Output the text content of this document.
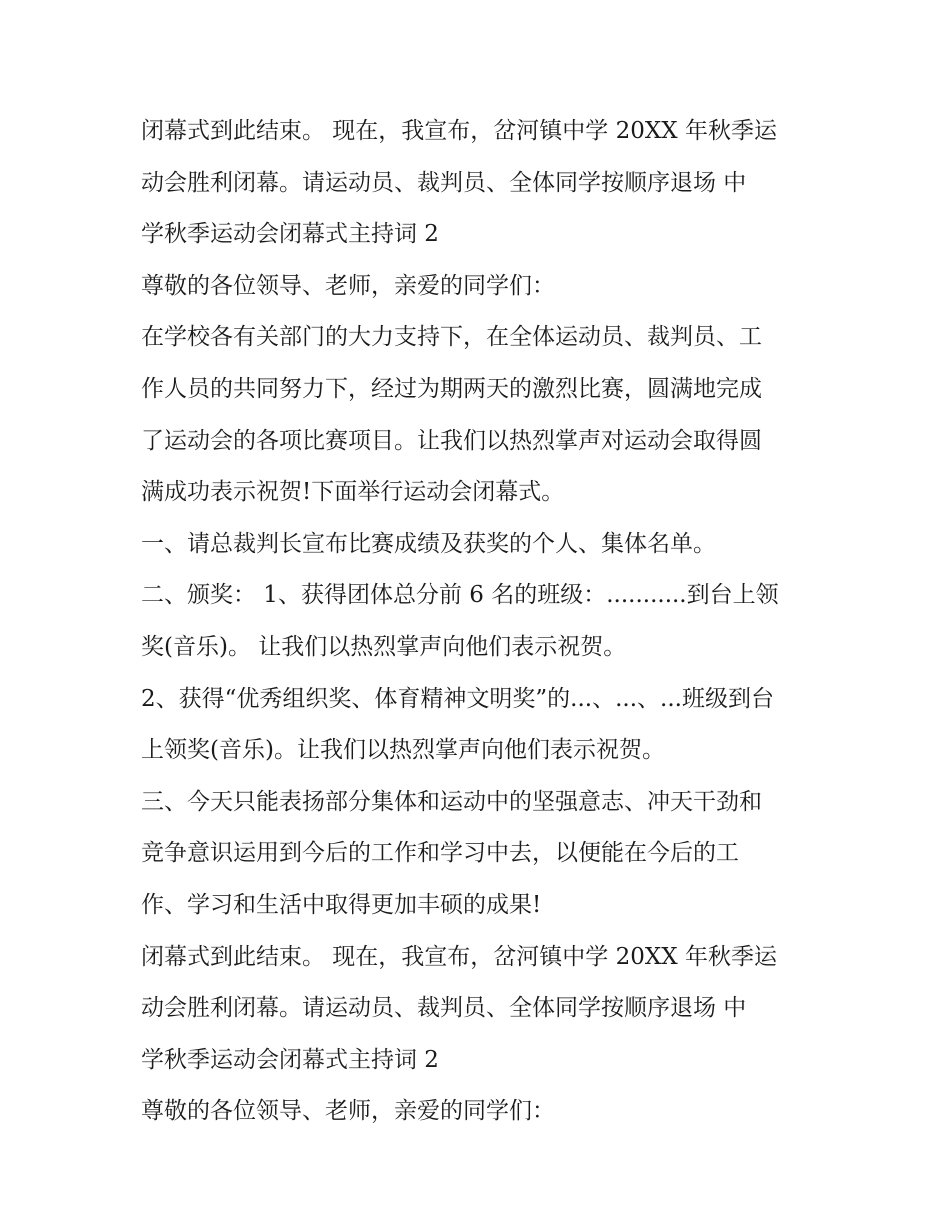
闭幕式到此结束。 现在，我宣布，岔河镇中学 20XX 年秋季运
动会胜利闭幕。请运动员、裁判员、全体同学按顺序退场 中
学秋季运动会闭幕式主持词 2
尊敬的各位领导、老师，亲爱的同学们：
在学校各有关部门的大力支持下，在全体运动员、裁判员、工
作人员的共同努力下，经过为期两天的激烈比赛，圆满地完成
了运动会的各项比赛项目。让我们以热烈掌声对运动会取得圆
满成功表示祝贺!下面举行运动会闭幕式。
一、请总裁判长宣布比赛成绩及获奖的个人、集体名单。
二、颁奖： 1、获得团体总分前 6 名的班级：...........到台上领
奖(音乐)。 让我们以热烈掌声向他们表示祝贺。
2、获得“优秀组织奖、体育精神文明奖”的...、...、...班级到台
上领奖(音乐)。让我们以热烈掌声向他们表示祝贺。
三、今天只能表扬部分集体和运动中的坚强意志、冲天干劲和
竞争意识运用到今后的工作和学习中去，以便能在今后的工
作、学习和生活中取得更加丰硕的成果!
闭幕式到此结束。 现在，我宣布，岔河镇中学 20XX 年秋季运
动会胜利闭幕。请运动员、裁判员、全体同学按顺序退场 中
学秋季运动会闭幕式主持词 2
尊敬的各位领导、老师，亲爱的同学们：
